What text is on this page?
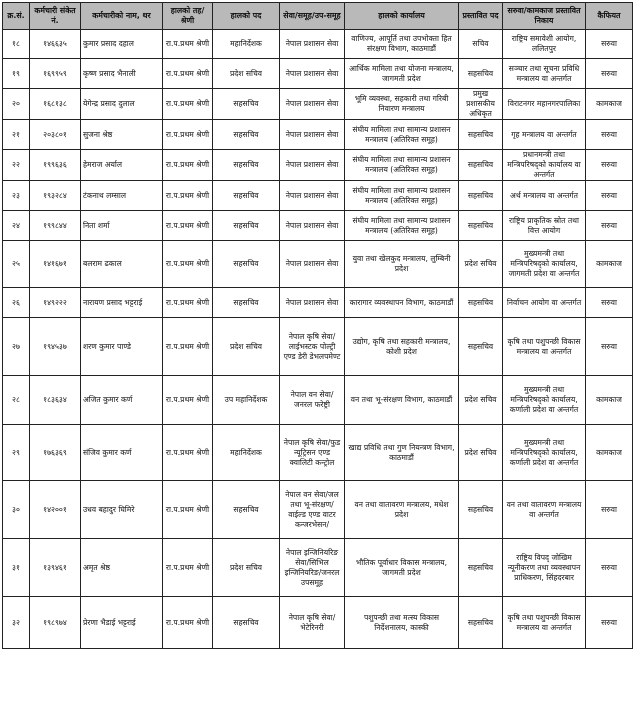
क्र.सं.	कर्मचारी संकेत नं.	कर्मचारीको नाम, थर	हालको तह/श्रेणी	हालको पद	सेवा/समूह/उप-समूह	हालको कार्यालय	प्रस्तावित पद	सरुवा/कामकाज प्रस्तावित निकाय	कैफियत
१८	१४६६३५	कुमार प्रसाद दहाल	रा.प.प्रथम श्रेणी	महानिर्देशक	नेपाल प्रशासन सेवा	वाणिज्य, आपूर्ति तथा उपभोक्ता हित संरक्षण विभाग, काठमाडौं	सचिव	राष्ट्रिय समावेशी आयोग, ललितपुर	सरुवा
१९	१६९९५९	कृष्ण प्रसाद भैनाली	रा.प.प्रथम श्रेणी	प्रदेश सचिव	नेपाल प्रशासन सेवा	आर्थिक मामिला तथा योजना मन्त्रालय, जागमती प्रदेश	सहसचिव	सञ्चार तथा सूचना प्रविधि मन्त्रालय वा अन्तर्गत	सरुवा
२०	१६८१३८	येगेन्द्र प्रसाद दुलाल	रा.प.प्रथम श्रेणी	सहसचिव	नेपाल प्रशासन सेवा	भूमि व्यवस्था, सहकारी तथा गरिबी निवारण मन्त्रालय	प्रमुख प्रशासकीय अधिकृत	विराटनगर महानगरपालिका	कामकाज
२१	२०३८०१	सुजना श्रेष्ठ	रा.प.प्रथम श्रेणी	सहसचिव	नेपाल प्रशासन सेवा	संघीय मामिला तथा सामान्य प्रशासन मन्त्रालय (अतिरिक्त समूह)	सहसचिव	गृह मन्त्रालय वा अन्तर्गत	सरुवा
२२	१९९६३६	हेमराज अर्याल	रा.प.प्रथम श्रेणी	सहसचिव	नेपाल प्रशासन सेवा	संघीय मामिला तथा सामान्य प्रशासन मन्त्रालय (अतिरिक्त समूह)	सहसचिव	प्रधानमन्त्री तथा मन्त्रिपरिषद्को कार्यालय वा अन्तर्गत	सरुवा
२३	१९३२८४	टंकनाथ लम्साल	रा.प.प्रथम श्रेणी	सहसचिव	नेपाल प्रशासन सेवा	संघीय मामिला तथा सामान्य प्रशासन मन्त्रालय (अतिरिक्त समूह)	सहसचिव	अर्थ मन्त्रालय वा अन्तर्गत	सरुवा
२४	१९९८४४	निता शर्मा	रा.प.प्रथम श्रेणी	सहसचिव	नेपाल प्रशासन सेवा	संघीय मामिला तथा सामान्य प्रशासन मन्त्रालय (अतिरिक्त समूह)	सहसचिव	राष्ट्रिय प्राकृतिक स्रोत तथा वित्त आयोग	सरुवा
२५	१४१६७१	बलराम ढकाल	रा.प.प्रथम श्रेणी	सहसचिव	नेपाल प्रशासन सेवा	युवा तथा खेलकुद मन्त्रालय, लुम्बिनी प्रदेश	प्रदेश सचिव	मुख्यमन्त्री तथा मन्त्रिपरिषद्को कार्यालय, जागमती प्रदेश वा अन्तर्गत	कामकाज
२६	१४९२२२	नारायण प्रसाद भट्टराई	रा.प.प्रथम श्रेणी	सहसचिव	नेपाल प्रशासन सेवा	कारागार व्यवस्थापन विभाग, काठमाडौं	सहसचिव	निर्वाचन आयोग वा अन्तर्गत	सरुवा
२७	१९४५३७	शरण कुमार पाण्डे	रा.प.प्रथम श्रेणी	प्रदेश सचिव	नेपाल कृषि सेवा/लाईभस्टक पोल्ट्री एण्ड डेरी डेभलपमेण्ट	उद्योग, कृषि तथा सहकारी मन्त्रालय, कोशी प्रदेश	सहसचिव	कृषि तथा पशुपन्छी विकास मन्त्रालय वा अन्तर्गत	सरुवा
२८	१८३६३४	अजित कुमार कर्ण	रा.प.प्रथम श्रेणी	उप महानिर्देशक	नेपाल वन सेवा/जनरल फरेष्ट्री	वन तथा भू-संरक्षण विभाग, काठमाडौं	प्रदेश सचिव	मुख्यमन्त्री तथा मन्त्रिपरिषद्को कार्यालय, कर्णाली प्रदेश वा अन्तर्गत	कामकाज
२९	१७६३६९	संजिव कुमार कर्ण	रा.प.प्रथम श्रेणी	महानिर्देशक	नेपाल कृषि सेवा/फुड न्यूट्रिसन एण्ड क्वालिटी कन्ट्रोल	खाद्य प्रविधि तथा गुण नियन्त्रण विभाग, काठमाडौं	प्रदेश सचिव	मुख्यमन्त्री तथा मन्त्रिपरिषद्को कार्यालय, कर्णाली प्रदेश वा अन्तर्गत	कामकाज
३०	१४२००१	उधव बहादुर घिमिरे	रा.प.प्रथम श्रेणी	सहसचिव	नेपाल वन सेवा/जल तथा भू-संरक्षण/वाईल्ड एण्ड वाटर कन्जरभेसन/	वन तथा वातावरण मन्त्रालय, मधेश प्रदेश	सहसचिव	वन तथा वातावरण मन्त्रालय वा अन्तर्गत	सरुवा
३१	१३९४६१	अमृत श्रेष्ठ	रा.प.प्रथम श्रेणी	प्रदेश सचिव	नेपाल इन्जिनियरिङ सेवा/सिभिल इन्जिनियरिङ/जनरल उपसमूह	भौतिक पूर्वाधार विकास मन्त्रालय, जागमती प्रदेश	सहसचिव	राष्ट्रिय विपद् जोखिम न्यूनीकरण तथा व्यवस्थापन प्राधिकरण, सिंहदरबार	सरुवा
३२	१९८९७४	प्रेरणा भैडाई भट्टराई	रा.प.प्रथम श्रेणी	सहसचिव	नेपाल कृषि सेवा/भेटेरिनरी	पशुपन्छी तथा मत्स्य विकास निर्देशनालय, कास्की	सहसचिव	कृषि तथा पशुपन्छी विकास मन्त्रालय वा अन्तर्गत	सरुवा
